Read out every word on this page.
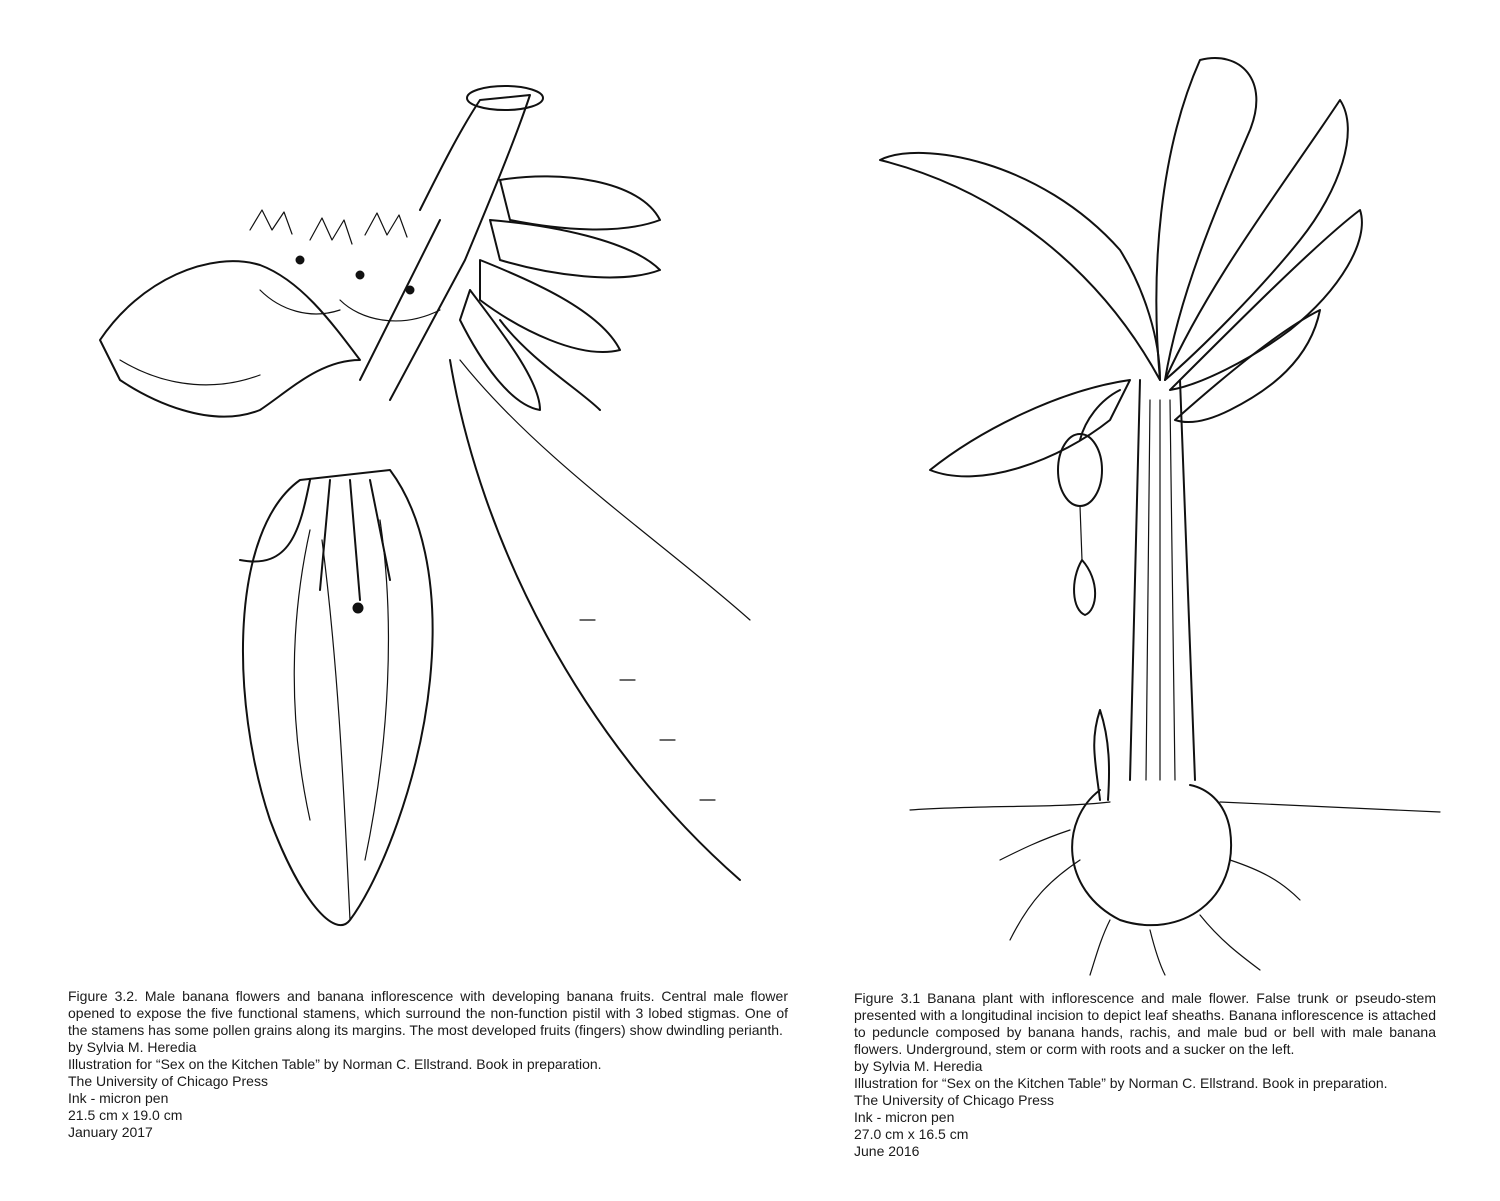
Figure 3.2. Male banana flowers and banana inflorescence with developing banana fruits. Central male flower opened to expose the five functional stamens, which surround the non-function pistil with 3 lobed stigmas. One of the stamens has some pollen grains along its margins. The most developed fruits (fingers) show dwindling perianth.

by Sylvia M. Heredia

Illustration for “Sex on the Kitchen Table” by Norman C. Ellstrand. Book in preparation.

The University of Chicago Press

Ink - micron pen

21.5 cm x 19.0 cm

January 2017

Figure 3.1 Banana plant with inflorescence and male flower. False trunk or pseudo-stem presented with a longitudinal incision to depict leaf sheaths. Banana inflorescence is attached to peduncle composed by banana hands, rachis, and male bud or bell with male banana flowers. Underground, stem or corm with roots and a sucker on the left.

by Sylvia M. Heredia

Illustration for “Sex on the Kitchen Table” by Norman C. Ellstrand. Book in preparation.

The University of Chicago Press

Ink - micron pen

27.0 cm x 16.5 cm

June 2016
